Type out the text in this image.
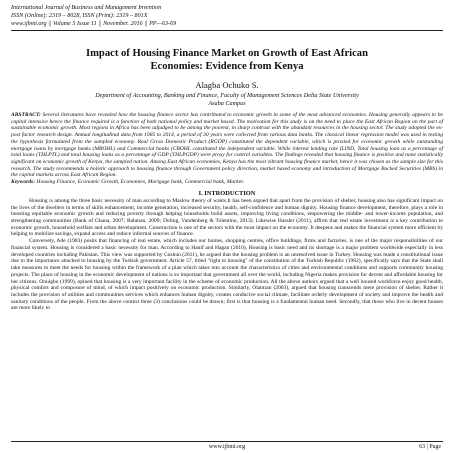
International Journal of Business and Management Invention
ISSN (Online): 2319 – 8028, ISSN (Print): 2319 – 801X
www.ijbmi.org || Volume 5 Issue 11 || November. 2016 || PP—63-69
Impact of Housing Finance Market on Growth of East African
Economies: Evidence from Kenya
Alagba Ochuko S.
Department of Accounting, Banking and Finance, Faculty of Management Sciences Delta State University
Asaba Campus
ABSTRACT: Several literatures have revealed how the housing finance sector has contributed to economic growth in some of the most advanced economies. Housing generally appears to be capital intensive hence the finance required is a function of both national policy and market based. The motivation for this study is on the need to place the East African Region on the part of sustainable economic growth. Most regions in Africa has been adjudged to be among the poorest, in sharp contrast with the abundant resources in the housing sector. The study adopted the ex-post factor research design. Annual longitudinal data from 1985 to 2014, a period of 30 years were collected from various data banks. The classical linear regression model was used in testing the hypothesis formulated from the sampled economy. Real Gross Domestic Product (RGDP) constituted the dependent variable, which is proxied for economic growth while outstanding mortgage loans by mortgage banks (MBOHL) and Commercial banks (CBOHL constituted the independent variable. While interest lending rate (LIND, Total housing loan as a percentage of total loans (THLPTL) and total housing loans as a percentage of GDP (THLPGDP) were proxy for control variables. The findings revealed that housing finance is positive and none statistically significant on economic growth of Kenya, the sampled nation. Among East African economies, Kenya has the most vibrant housing finance market, hence it was chosen as the sample size for this research. The study recommends a holistic approach to housing finance through Government policy direction, market based economy and introduction of Mortgage Backed Securities (MBS) in the capital markets across East African Region.
Keywords: Housing Finance, Economic Growth, Economies, Mortgage bank, Commercial bank, Market.
I. INTRODUCTION

Housing is among the three basic necessity of man according to Maslow theory of wants.It has been argued that apart from the provision of shelter, housing also has significant impact on the lives of the dwellers in terms of skills enhancement, income generation, increased security, health, self-confidence and human dignity. Housing finance development, therefore, plays a role in boosting equitable economic growth and reducing poverty through helping households build assets, improving living conditions, empowering the middle- and lower-income population, and strengthening communities (Bank of Ghana, 2007; Rahman, 2009; Doling, Vandenberg & Tolentino, 2013). Likewise Hassler (2011), affirm that real estate investment is a key contribution to economic growth, household welfare and urban development. Construction is one of the sectors with the most impact on the economy. It deepens and makes the financial system more efficient by helping to mobilize savings, expand access and reduce informal sources of finance.

Conversely, Ade (1983) posits that financing of real estate, which includes our homes, shopping centres, office buildings, firms and factories, is one of the major responsibilities of our financial system. Housing is considered a basic necessity for man. According to Hanif and Hagan (2010), Housing is basic need and its shortage is a major problem worldwide especially in less developed countries including Pakistan. This view was supported by Coskun (2011), he argued that the housing problem is an unresolved issue in Turkey. Housing was made a constitutional issue due to the importance attached to housing by the Turkish government. Article 57, titled "right to housing" of the constitution of the Turkish Republic (1982), specifically says that the State shall take measures to meet the needs for housing within the framework of a plan which takes into account the characteristics of cities and environmental conditions and supports community housing projects. The place of housing in the economic development of nations is so important that government all over the world, including Nigeria makes provision for decent and affordable housing for her citizens. Onuigbo (1999), opined that housing is a very important facility in the scheme of economic production. All the above authors argued that a well housed workforce enjoy good health, physical comfort and composure of mind, of which impact positively on economic production. Similarly, Olantran (2003), argued that housing transcends mere provision of shelter. Rather it includes the provision of utilities and communities services which enhances human dignity, creates conducive social climate, facilitate orderly development of society and improve the health and sanitary conditions of the people. From the above context three (3) conclusions could be drawn; first is that housing is a fundamental human need. Secondly, that those who live in decent houses are more likely to

www.ijbmi.org	63 | Page
